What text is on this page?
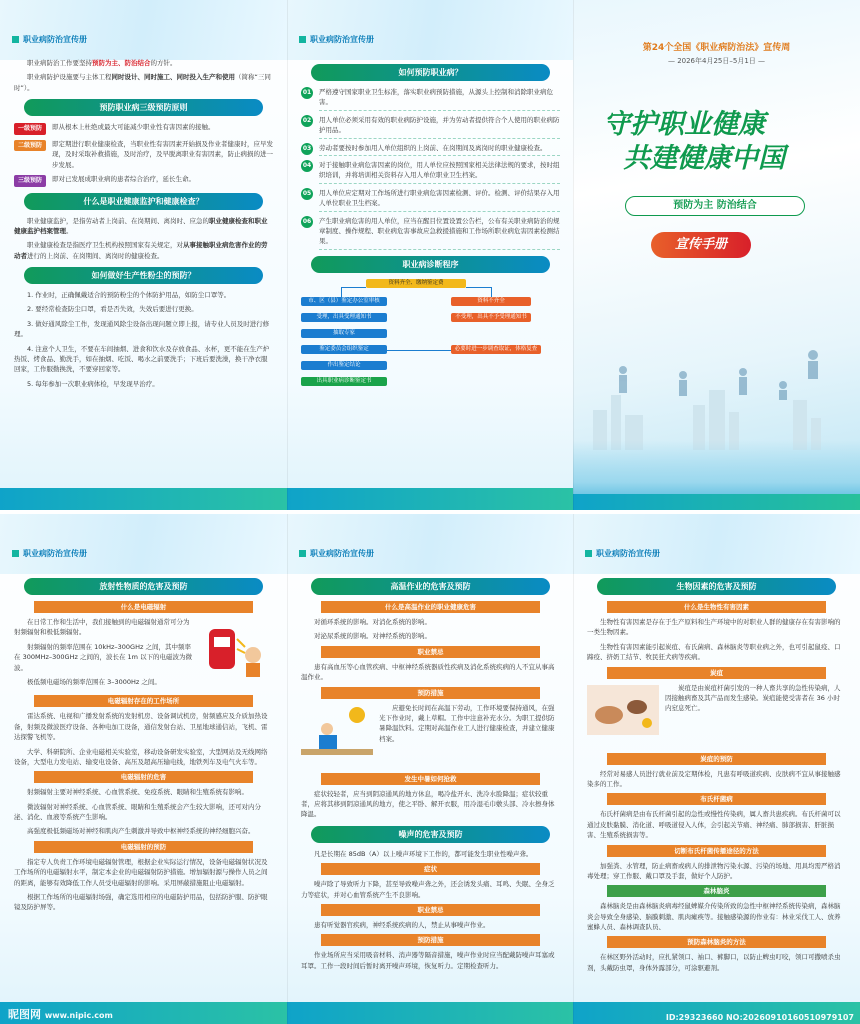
职业病防治宣传册

职业病防治工作要坚持预防为主、防治结合的方针。

职业病防护设施要与主体工程同时设计、同时施工、同时投入生产和使用（简称“三同时”）。

预防职业病三级预防原则
一级预防	即从根本上杜绝或最大可能减少职业性有害因素的接触。
二级预防	即定期进行职业健康检查，当职业性有害因素开始损及作业者健康时，应早发现，及时采取补救措施，及时治疗，及早脱离职业有害因素，防止病损的进一步发展。
三级预防	即对已发展成职业病的患者综合治疗，延长生命。
什么是职业健康监护和健康检查？

职业健康监护，是指劳动者上岗前、在岗期间、离岗时、应急的职业健康检查和职业健康监护档案管理。

职业健康检查是指医疗卫生机构按照国家有关规定，对从事接触职业病危害作业的劳动者进行的上岗前、在岗期间、离岗时的健康检查。

如何做好生产性粉尘的预防？

1. 作业时，正确佩戴适合的预防粉尘的个体防护用品，如防尘口罩等。

2. 要经常检查防尘口罩，看是否失效，失效后要进行更换。

3. 做好通风除尘工作，发现通风除尘设备出现问题立即上报，请专业人员及时进行修理。

4. 注意个人卫生，不要在车间抽烟、进食和饮水及存放食品、水杯，更不能在生产炉热饭、烤食品、勤洗手，如在抽烟、吃饭、喝水之前要洗手；下班后要洗澡，换干净衣服回家，工作服勤换洗，不要穿回家等。

5. 每年参加一次职业病体检，早发现早治疗。

职业病防治宣传册
如何预防职业病？
01 严格遵守国家职业卫生标准，落实职业病预防措施，从源头上控制和消除职业病危害。
02 用人单位必须采用有效的职业病防护设施，并为劳动者提供符合个人使用的职业病防护用品。
03 劳动者要按时参加用人单位组织的上岗前、在岗期间及离岗时的职业健康检查。
04 对于接触职业病危害因素的岗位，用人单位应按照国家相关法律法规的要求，按时组织培训，并将培训相关资料存入用人单位职业卫生档案。
05 用人单位应定期对工作场所进行职业病危害因素检测、评价。检测、评价结果存入用人单位职业卫生档案。
06 产生职业病危害的用人单位，应当在醒目位置设置公告栏，公布有关职业病防治的规章制度、操作规程、职业病危害事故应急救援措施和工作场所职业病危害因素检测结果。
职业病诊断程序
资料齐全、缴纳鉴定费
市、区（县）鉴定办公室审核	资料不齐全
受理，出具受理通知书	不受理，出具不予受理通知书
抽取专家
鉴定委员会组织鉴定	必要时进一步调查取证，体格复查
作出鉴定结论
出具职业病诊断鉴定书
第24个全国《职业病防治法》宣传周
— 2026年4月25日–5月1日 —
守护职业健康
共建健康中国
预防为主 防治结合
宣传手册
职业病防治宣传册
放射性物质的危害及预防
什么是电磁辐射

在日常工作和生活中，我们接触到的电磁辐射通常可分为射频辐射和极低频辐射。

射频辐射的频率范围在 10kHz–300GHz 之间，其中频率在 300MHz–300GHz 之间的，波长在 1m 以下的电磁波为微波。

极低频电磁场的频率范围在 3–3000Hz 之间。

电磁辐射存在的工作场所

雷达系统、电视和广播发射系统的发射机房、设备调试机房，射频感应及介质加热设备，射频及微波医疗设备、各种电加工设备，通信发射台站、卫星地球通信站，飞机、雷达探警飞机等。

大学、科研院所、企业电磁相关实验室，移动设备研发实验室，大型网站及无线网络设备，大型电力发电站、输变电设备、高压及超高压输电线，地铁列车及电气火车等。

电磁辐射的危害

射频辐射主要对神经系统、心血管系统、免疫系统、眼睛和生殖系统有影响。

微波辐射对神经系统、心血管系统、眼睛和生殖系统会产生较大影响，还可对内分泌、消化、血液等系统产生影响。

高强度极低频磁场对神经和肌肉产生刺激并导致中枢神经系统的神经细胞兴奋。

电磁辐射的预防

指定专人负责工作环境电磁辐射管理，根据企业实际运行情况，设备电磁辐射状况及工作场所的电磁辐射水平，制定本企业的电磁辐射防护措施。增加辐射源与操作人员之间的距离，能够有效降低工作人员受电磁辐射的影响。采用屏蔽措施阻止电磁辐射。

根据工作场所的电磁辐射场强，确定选用相应的电磁防护用品，包括防护服、防护眼镜及防护屏等。

职业病防治宣传册
高温作业的危害及预防
什么是高温作业的职业健康危害

对循环系统的影响。对消化系统的影响。

对泌尿系统的影响。对神经系统的影响。

职业禁忌

患有高血压等心血管疾病、中枢神经系统器质性疾病及消化系统疾病的人不宜从事高温作业。

预防措施

应避免长时间在高温下劳动，工作环境要保持通风，在强光下作业时，戴上草帽。工作中注意补充水分。为职工提供防暑降温饮料。定期对高温作业工人进行健康检查，并建立健康档案。

发生中暑如何抢救

症状较轻者，应当到阴凉通风的地方休息，喝冷盐开水、洗冷水脸降温；症状较重者，应将其移到阴凉通风的地方，使之平卧、解开衣服，用冷湿毛巾敷头部、冷水擦身体降温。

噪声的危害及预防

凡是长期在 85dB（A）以上噪声环境下工作的，都可能发生职业性噪声聋。

症状

噪声除了导致听力下降，甚至导致噪声聋之外，还会诱发头痛、耳鸣、失眠、全身乏力等症状，并对心血管系统产生不良影响。

职业禁忌

患有听觉器官疾病，神经系统疾病的人，禁止从事噪声作业。

预防措施

作业场所应当采用吸音材料、消声器等隔音措施，噪声作业时应当配戴防噪声耳塞或耳罩。工作一段时间后暂时离开噪声环境，恢复听力。定期检查听力。

职业病防治宣传册
生物因素的危害及预防
什么是生物性有害因素

生物性有害因素是存在于生产原料和生产环境中的对职业人群的健康存在有害影响的一类生物因素。

生物性有害因素能引起炭疽、布氏菌病、森林脑炎等职业病之外，也可引起鼠疫、口蹄疫、挤奶工结节、牧民狂犬病等疾病。

炭疽

炭疽是由炭疽杆菌引发的一种人畜共享的急性传染病，人因接触病畜及其产品而发生感染。炭疽能使受害者在 36 小时内窒息死亡。

炭疽的预防

经常对易感人员进行就业前及定期体检，凡患有呼吸道疾病、皮肤病不宜从事接触感染多的工作。

布氏杆菌病

布氏杆菌病是由布氏杆菌引起的急性或慢性传染病，属人畜共患疾病。布氏杆菌可以通过皮肤黏膜、消化道、呼吸道侵入人体，会引起关节痛、神经痛、肺部损害、肝脏损害、生殖系统损害等。

切断布氏杆菌传播途径的方法

加强粪、水管理，防止病畜或病人的排泄物污染水源、污染的场地、用具均需严格消毒处理；穿工作服、戴口罩及手套，做好个人防护。

森林脑炎

森林脑炎是由森林脑炎病毒经鼠蜱媒介传染所致的急性中枢神经系统传染病，森林脑炎会导致全身感染、脑膜刺激、肌肉瘫痪等。接触感染源的作业有：林业采伐工人、放养蜜蜂人员、森林调查队员、

预防森林脑炎的方法

在林区野外活动时，应扎紧领口、袖口、裤脚口，以防止蜱虫叮咬，领口可撒喷杀虫剂，头戴防虫罩，身体外露部分，可涂驱避剂。

昵图网 www.nipic.com	ID:29323660 NO:20260910160510979107
